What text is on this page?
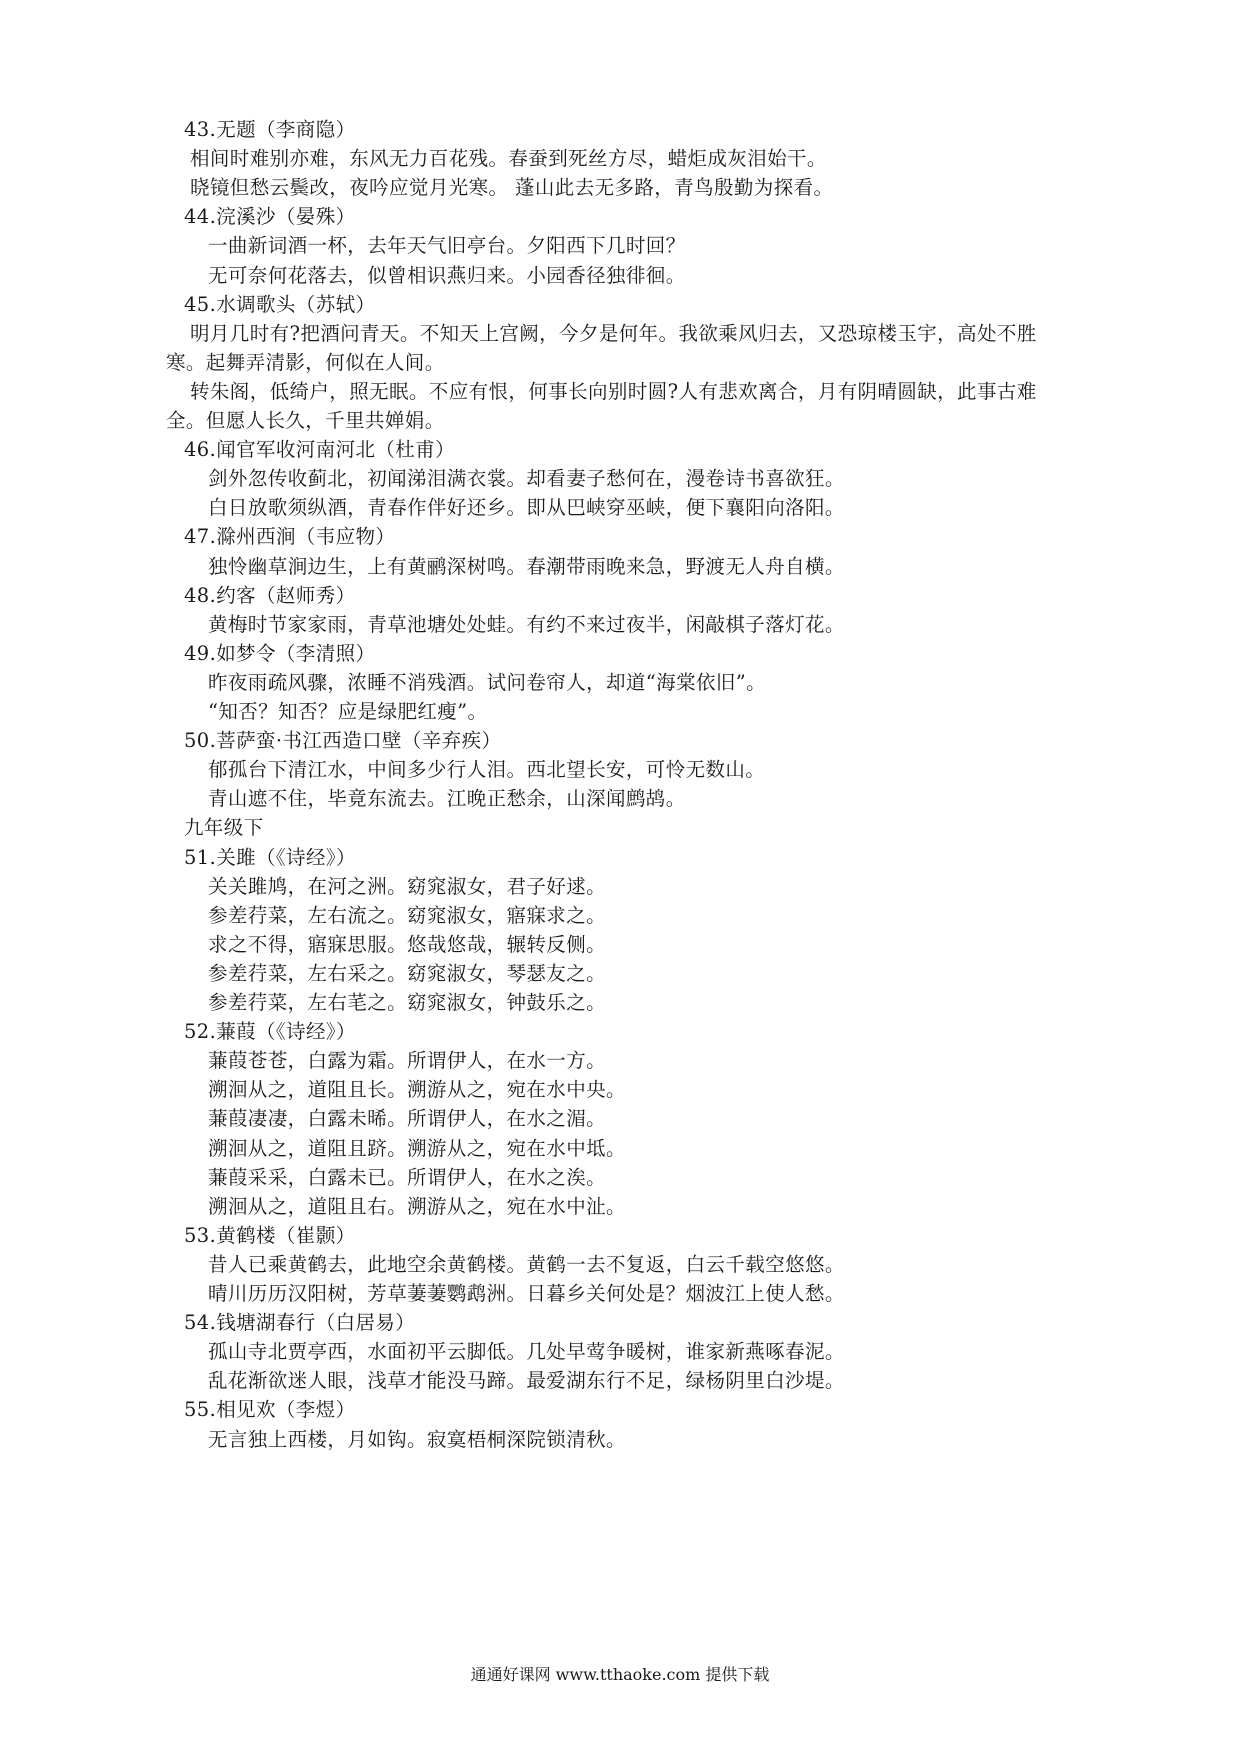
43.无题（李商隐）
相间时难别亦难，东风无力百花残。春蚕到死丝方尽，蜡炬成灰泪始干。
晓镜但愁云鬓改，夜吟应觉月光寒。 蓬山此去无多路，青鸟殷勤为探看。
44.浣溪沙（晏殊）
一曲新词酒一杯，去年天气旧亭台。夕阳西下几时回？
无可奈何花落去，似曾相识燕归来。小园香径独徘徊。
45.水调歌头（苏轼）
明月几时有?把酒问青天。不知天上宫阙，今夕是何年。我欲乘风归去，又恐琼楼玉宇，高处不胜
寒。起舞弄清影，何似在人间。
转朱阁，低绮户，照无眠。不应有恨，何事长向别时圆?人有悲欢离合，月有阴晴圆缺，此事古难
全。但愿人长久，千里共婵娟。
46.闻官军收河南河北（杜甫）
剑外忽传收蓟北，初闻涕泪满衣裳。却看妻子愁何在，漫卷诗书喜欲狂。
白日放歌须纵酒，青春作伴好还乡。即从巴峡穿巫峡，便下襄阳向洛阳。
47.滁州西涧（韦应物）
独怜幽草涧边生，上有黄鹂深树鸣。春潮带雨晚来急，野渡无人舟自横。
48.约客（赵师秀）
黄梅时节家家雨，青草池塘处处蛙。有约不来过夜半，闲敲棋子落灯花。
49.如梦令（李清照）
昨夜雨疏风骤，浓睡不消残酒。试问卷帘人，却道“海棠依旧”。
“知否？知否？应是绿肥红瘦”。
50.菩萨蛮·书江西造口壁（辛弃疾）
郁孤台下清江水，中间多少行人泪。西北望长安，可怜无数山。
青山遮不住，毕竟东流去。江晚正愁余，山深闻鹧鸪。
九年级下
51.关雎（《诗经》）
关关雎鸠，在河之洲。窈窕淑女，君子好逑。
参差荇菜，左右流之。窈窕淑女，寤寐求之。
求之不得，寤寐思服。悠哉悠哉，辗转反侧。
参差荇菜，左右采之。窈窕淑女，琴瑟友之。
参差荇菜，左右芼之。窈窕淑女，钟鼓乐之。
52.蒹葭（《诗经》）
蒹葭苍苍，白露为霜。所谓伊人，在水一方。
溯洄从之，道阻且长。溯游从之，宛在水中央。
蒹葭凄凄，白露未晞。所谓伊人，在水之湄。
溯洄从之，道阻且跻。溯游从之，宛在水中坻。
蒹葭采采，白露未已。所谓伊人，在水之涘。
溯洄从之，道阻且右。溯游从之，宛在水中沚。
53.黄鹤楼（崔颢）
昔人已乘黄鹤去，此地空余黄鹤楼。黄鹤一去不复返，白云千载空悠悠。
晴川历历汉阳树，芳草萋萋鹦鹉洲。日暮乡关何处是？烟波江上使人愁。
54.钱塘湖春行（白居易）
孤山寺北贾亭西，水面初平云脚低。几处早莺争暖树，谁家新燕啄春泥。
乱花渐欲迷人眼，浅草才能没马蹄。最爱湖东行不足，绿杨阴里白沙堤。
55.相见欢（李煜）
无言独上西楼，月如钩。寂寞梧桐深院锁清秋。
通通好课网 www.tthaoke.com 提供下载
